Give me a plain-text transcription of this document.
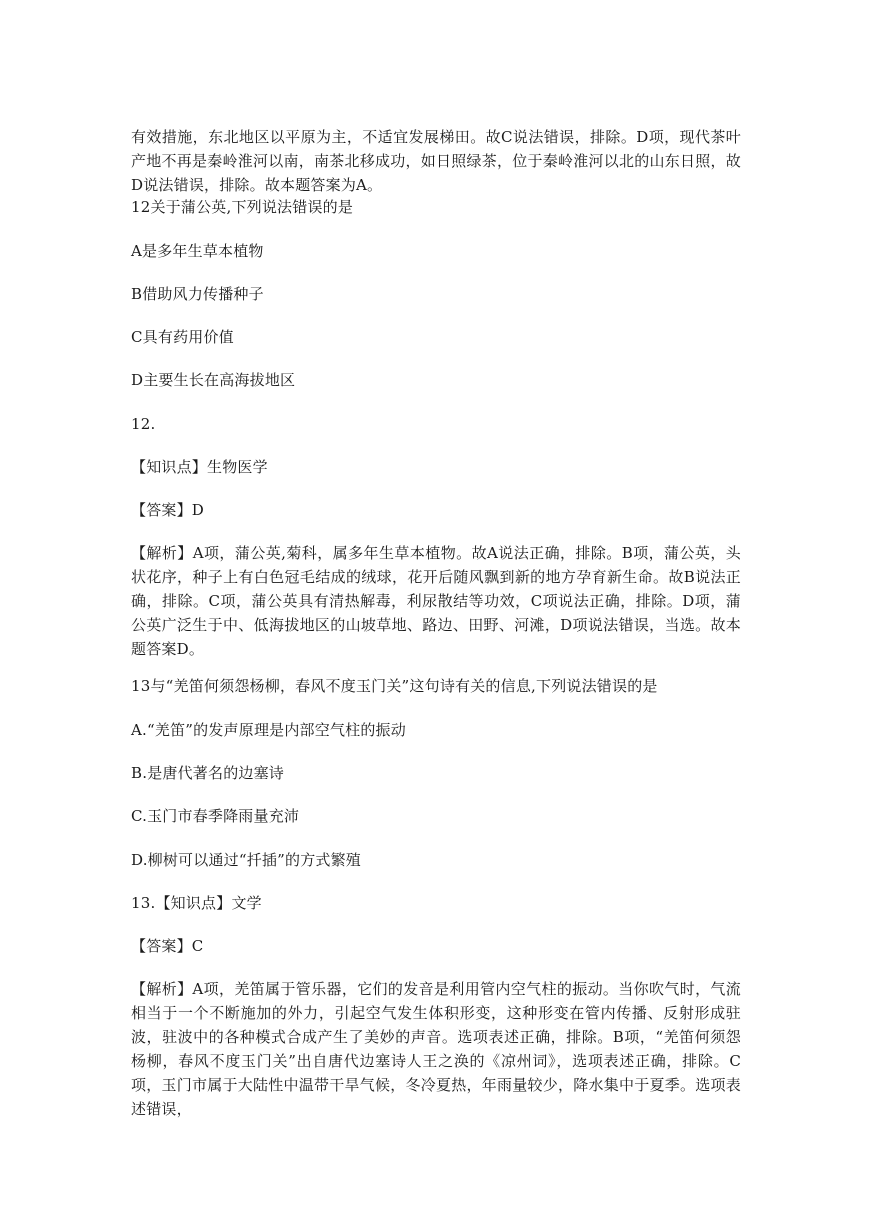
有效措施，东北地区以平原为主，不适宜发展梯田。故C说法错误，排除。D项，现代茶叶产地不再是秦岭淮河以南，南茶北移成功，如日照绿茶，位于秦岭淮河以北的山东日照，故D说法错误，排除。故本题答案为A。

12关于蒲公英,下列说法错误的是

A是多年生草本植物

B借助风力传播种子

C具有药用价值

D主要生长在高海拔地区

12.

【知识点】生物医学

【答案】D

【解析】A项，蒲公英,菊科，属多年生草本植物。故A说法正确，排除。B项，蒲公英，头状花序，种子上有白色冠毛结成的绒球，花开后随风飘到新的地方孕育新生命。故B说法正确，排除。C项，蒲公英具有清热解毒，利尿散结等功效，C项说法正确，排除。D项，蒲公英广泛生于中、低海拔地区的山坡草地、路边、田野、河滩，D项说法错误，当选。故本题答案D。

13与“羌笛何须怨杨柳，春风不度玉门关”这句诗有关的信息,下列说法错误的是

A.“羌笛”的发声原理是内部空气柱的振动

B.是唐代著名的边塞诗

C.玉门市春季降雨量充沛

D.柳树可以通过“扦插”的方式繁殖

13.【知识点】文学

【答案】C

【解析】A项，羌笛属于管乐器，它们的发音是利用管内空气柱的振动。当你吹气时，气流相当于一个不断施加的外力，引起空气发生体积形变，这种形变在管内传播、反射形成驻波，驻波中的各种模式合成产生了美妙的声音。选项表述正确，排除。B项，“羌笛何须怨杨柳，春风不度玉门关”出自唐代边塞诗人王之涣的《凉州词》，选项表述正确，排除。C项，玉门市属于大陆性中温带干旱气候，冬冷夏热，年雨量较少，降水集中于夏季。选项表述错误，
